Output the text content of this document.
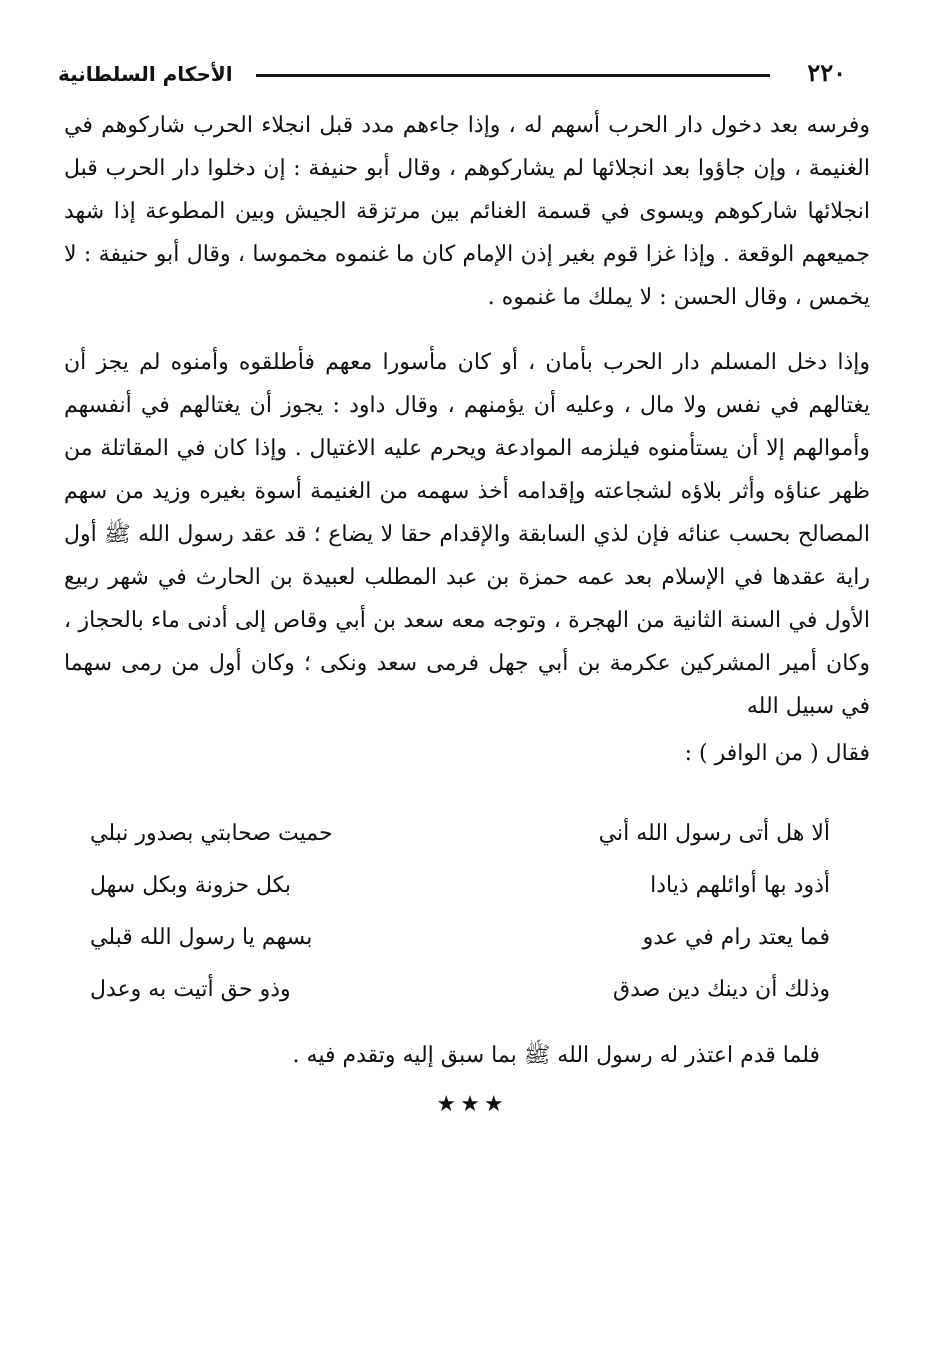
٢٢٠
الأحكام السلطانية

وفرسه بعد دخول دار الحرب أسهم له ، وإذا جاءهم مدد قبل انجلاء الحرب شاركوهم في الغنيمة ، وإن جاؤوا بعد انجلائها لم يشاركوهم ، وقال أبو حنيفة : إن دخلوا دار الحرب قبل انجلائها شاركوهم ويسوى في قسمة الغنائم بين مرتزقة الجيش وبين المطوعة إذا شهد جميعهم الوقعة . وإذا غزا قوم بغير إذن الإمام كان ما غنموه مخموسا ، وقال أبو حنيفة : لا يخمس ، وقال الحسن : لا يملك ما غنموه .

وإذا دخل المسلم دار الحرب بأمان ، أو كان مأسورا معهم فأطلقوه وأمنوه لم يجز أن يغتالهم في نفس ولا مال ، وعليه أن يؤمنهم ، وقال داود : يجوز أن يغتالهم في أنفسهم وأموالهم إلا أن يستأمنوه فيلزمه الموادعة ويحرم عليه الاغتيال . وإذا كان في المقاتلة من ظهر عناؤه وأثر بلاؤه لشجاعته وإقدامه أخذ سهمه من الغنيمة أسوة بغيره وزيد من سهم المصالح بحسب عنائه فإن لذي السابقة والإقدام حقا لا يضاع ؛ قد عقد رسول الله ﷺ أول راية عقدها في الإسلام بعد عمه حمزة بن عبد المطلب لعبيدة بن الحارث في شهر ربيع الأول في السنة الثانية من الهجرة ، وتوجه معه سعد بن أبي وقاص إلى أدنى ماء بالحجاز ، وكان أمير المشركين عكرمة بن أبي جهل فرمى سعد ونكى ؛ وكان أول من رمى سهما في سبيل الله

فقال ( من الوافر ) :

ألا هل أتى رسول الله أني
حميت صحابتي بصدور نبلي
أذود بها أوائلهم ذيادا
بكل حزونة وبكل سهل
فما يعتد رام في عدو
بسهم يا رسول الله قبلي
وذلك أن دينك دين صدق
وذو حق أتيت به وعدل

فلما قدم اعتذر له رسول الله ﷺ بما سبق إليه وتقدم فيه .

★★★
